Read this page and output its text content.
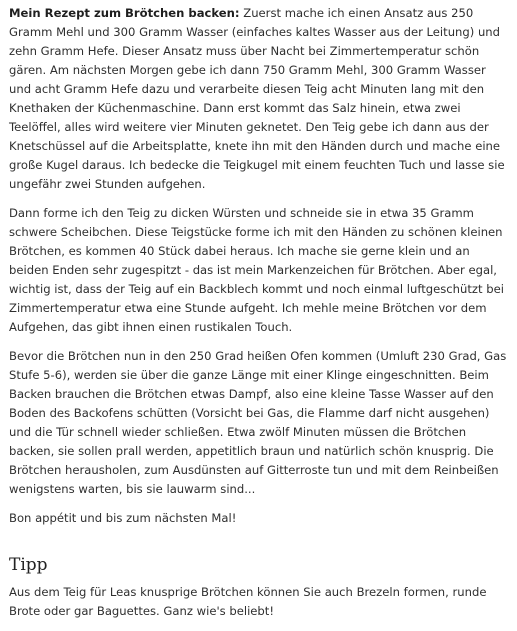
Mein Rezept zum Brötchen backen: Zuerst mache ich einen Ansatz aus 250 Gramm Mehl und 300 Gramm Wasser (einfaches kaltes Wasser aus der Leitung) und zehn Gramm Hefe. Dieser Ansatz muss über Nacht bei Zimmertemperatur schön gären. Am nächsten Morgen gebe ich dann 750 Gramm Mehl, 300 Gramm Wasser und acht Gramm Hefe dazu und verarbeite diesen Teig acht Minuten lang mit den Knethaken der Küchenmaschine. Dann erst kommt das Salz hinein, etwa zwei Teelöffel, alles wird weitere vier Minuten geknetet. Den Teig gebe ich dann aus der Knetschüssel auf die Arbeitsplatte, knete ihn mit den Händen durch und mache eine große Kugel daraus. Ich bedecke die Teigkugel mit einem feuchten Tuch und lasse sie ungefähr zwei Stunden aufgehen.

Dann forme ich den Teig zu dicken Würsten und schneide sie in etwa 35 Gramm schwere Scheibchen. Diese Teigstücke forme ich mit den Händen zu schönen kleinen Brötchen, es kommen 40 Stück dabei heraus. Ich mache sie gerne klein und an beiden Enden sehr zugespitzt - das ist mein Markenzeichen für Brötchen. Aber egal, wichtig ist, dass der Teig auf ein Backblech kommt und noch einmal luftgeschützt bei Zimmertemperatur etwa eine Stunde aufgeht. Ich mehle meine Brötchen vor dem Aufgehen, das gibt ihnen einen rustikalen Touch.

Bevor die Brötchen nun in den 250 Grad heißen Ofen kommen (Umluft 230 Grad, Gas Stufe 5-6), werden sie über die ganze Länge mit einer Klinge eingeschnitten. Beim Backen brauchen die Brötchen etwas Dampf, also eine kleine Tasse Wasser auf den Boden des Backofens schütten (Vorsicht bei Gas, die Flamme darf nicht ausgehen) und die Tür schnell wieder schließen. Etwa zwölf Minuten müssen die Brötchen backen, sie sollen prall werden, appetitlich braun und natürlich schön knusprig. Die Brötchen herausholen, zum Ausdünsten auf Gitterroste tun und mit dem Reinbeißen wenigstens warten, bis sie lauwarm sind...

Bon appétit und bis zum nächsten Mal!

Tipp

Aus dem Teig für Leas knusprige Brötchen können Sie auch Brezeln formen, runde Brote oder gar Baguettes. Ganz wie's beliebt!
